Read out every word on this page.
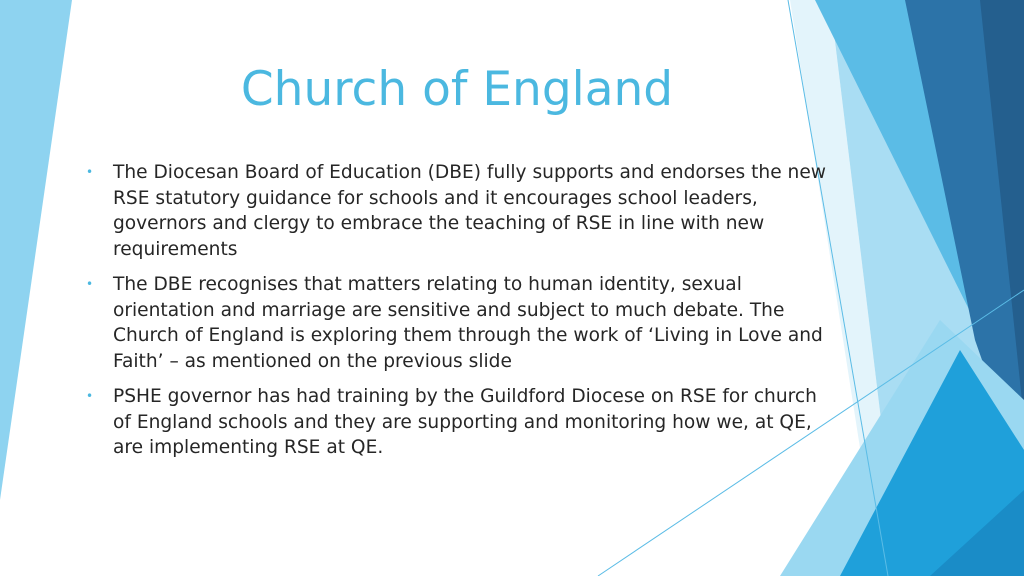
Church of England
• The Diocesan Board of Education (DBE) fully supports and endorses the new RSE statutory guidance for schools and it encourages school leaders, governors and clergy to embrace the teaching of RSE in line with new requirements
• The DBE recognises that matters relating to human identity, sexual orientation and marriage are sensitive and subject to much debate. The Church of England is exploring them through the work of ‘Living in Love and Faith’ – as mentioned on the previous slide
• PSHE governor has had training by the Guildford Diocese on RSE for church of England schools and they are supporting and monitoring how we, at QE, are implementing RSE at QE.
